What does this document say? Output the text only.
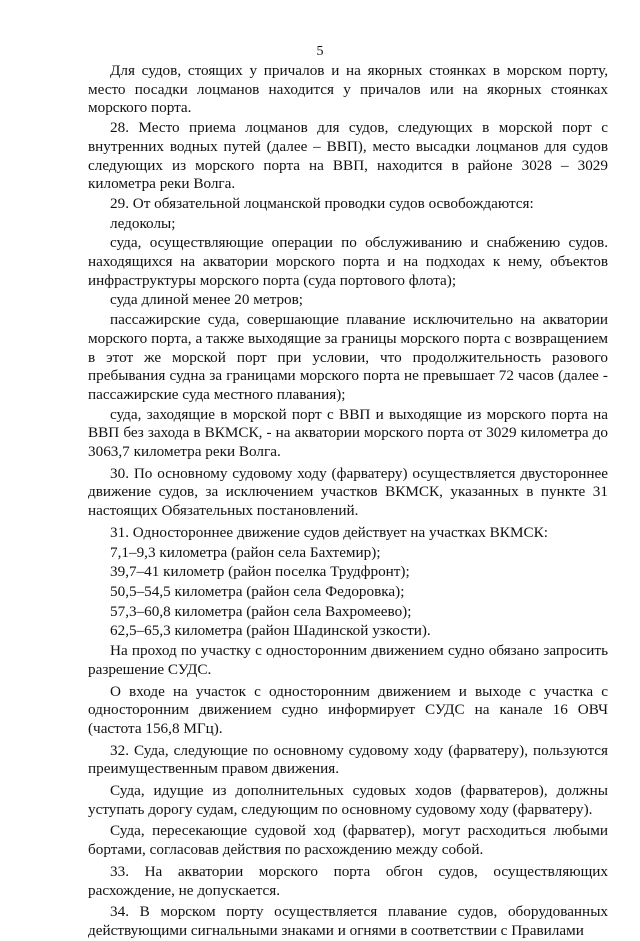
5

Для судов, стоящих у причалов и на якорных стоянках в морском порту, место посадки лоцманов находится у причалов или на якорных стоянках морского порта.

28. Место приема лоцманов для судов, следующих в морской порт с внутренних водных путей (далее – ВВП), место высадки лоцманов для судов следующих из морского порта на ВВП, находится в районе 3028 – 3029 километра реки Волга.

29. От обязательной лоцманской проводки судов освобождаются:

ледоколы;

суда, осуществляющие операции по обслуживанию и снабжению судов. находящихся на акватории морского порта и на подходах к нему, объектов инфраструктуры морского порта (суда портового флота);

суда длиной менее 20 метров;

пассажирские суда, совершающие плавание исключительно на акватории морского порта, а также выходящие за границы морского порта с возвращением в этот же морской порт при условии, что продолжительность разового пребывания судна за границами морского порта не превышает 72 часов (далее - пассажирские суда местного плавания);

суда, заходящие в морской порт с ВВП и выходящие из морского порта на ВВП без захода в ВКМСК, - на акватории морского порта от 3029 километра до 3063,7 километра реки Волга.

30. По основному судовому ходу (фарватеру) осуществляется двустороннее движение судов, за исключением участков ВКМСК, указанных в пункте 31 настоящих Обязательных постановлений.

31. Одностороннее движение судов действует на участках ВКМСК:

7,1–9,3 километра (район села Бахтемир);

39,7–41 километр (район поселка Трудфронт);

50,5–54,5 километра (район села Федоровка);

57,3–60,8 километра (район села Вахромеево);

62,5–65,3 километра (район Шадинской узкости).

На проход по участку с односторонним движением судно обязано запросить разрешение СУДС.

О входе на участок с односторонним движением и выходе с участка с односторонним движением судно информирует СУДС на канале 16 ОВЧ (частота 156,8 МГц).

32. Суда, следующие по основному судовому ходу (фарватеру), пользуются преимущественным правом движения.

Суда, идущие из дополнительных судовых ходов (фарватеров), должны уступать дорогу судам, следующим по основному судовому ходу (фарватеру).

Суда, пересекающие судовой ход (фарватер), могут расходиться любыми бортами, согласовав действия по расхождению между собой.

33. На акватории морского порта обгон судов, осуществляющих расхождение, не допускается.

34. В морском порту осуществляется плавание судов, оборудованных действующими сигнальными знаками и огнями в соответствии с Правилами
